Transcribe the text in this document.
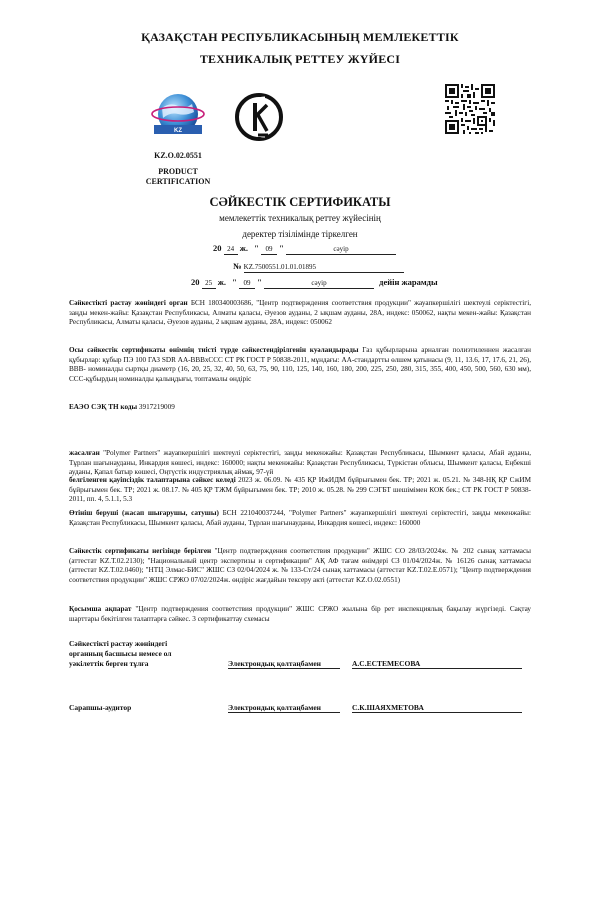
ҚАЗАҚСТАН РЕСПУБЛИКАСЫНЫҢ МЕМЛЕКЕТТІК
ТЕХНИКАЛЫҚ РЕТТЕУ ЖҮЙЕСІ
KZ
KZ.O.02.0551
PRODUCT
CERTIFICATION
СӘЙКЕСТІК СЕРТИФИКАТЫ
мемлекеттік техникалық реттеу жүйесінің
деректер тізілімінде тіркелген
20 24 ж. " 09 "	сәуір
№ KZ.7500551.01.01.01895
20 25 ж. " 09 "	сәуір	дейін жарамды
Сәйкестікті растау жөніндегі орган БСН 180340003686, "Центр подтверждения соответствия продукции" жауапкершілігі шектеулі серіктестігі, заңды мекен-жайы: Қазақстан Республикасы, Алматы қаласы, Әуезов ауданы, 2 ықшам ауданы, 28А, индекс: 050062, нақты мекен-жайы: Қазақстан Республикасы, Алматы қаласы, Әуезов ауданы, 2 ықшам ауданы, 28А, индекс: 050062
Осы сәйкестік сертификаты өнімнің тиісті түрде сәйкестендірілгенін куәландырады Газ құбырларына арналған полиэтиленнен жасалған құбырлар: құбыр ПЭ 100 ГАЗ SDR АА-ВВВхССС СТ РК ГОСТ Р 50838-2011, мұндағы: АА-стандартты өлшем қатынасы (9, 11, 13.6, 17, 17.6, 21, 26), ВВВ- номиналды сыртқы диаметр (16, 20, 25, 32, 40, 50, 63, 75, 90, 110, 125, 140, 160, 180, 200, 225, 250, 280, 315, 355, 400, 450, 500, 560, 630 мм), ССС-құбырдың номиналды қалыңдығы, топтамалы өндіріс
ЕАЭО СЭҚ ТН коды 3917219009
жасалған "Polymer Partners" жауапкершілігі шектеулі серіктестігі, заңды мекенжайы: Қазақстан Республикасы, Шымкент қаласы, Абай ауданы, Тұрлан шағынауданы, Инкардия көшесі, индекс: 160000; нақты мекенжайы: Қазақстан Республикасы, Түркістан облысы, Шымкент қаласы, Еңбекші ауданы, Қапал батыр көшесі, Оңтүстік индустриялық аймақ, 97-үй
белгіленген қауіпсіздік талаптарына сәйкес келеді 2023 ж. 06.09. № 435 ҚР ИжИДМ бұйрығымен бек. ТР; 2021 ж. 05.21. № 348-НҚ ҚР СжИМ бұйрығымен бек. ТР; 2021 ж. 08.17. № 405 ҚР ТЖМ бұйрығымен бек. ТР; 2010 ж. 05.28. № 299 СЭГБТ шешімімен КОК бек.; СТ РК ГОСТ Р 50838-2011, пп. 4, 5.1.1, 5.3
Өтініш беруші (жасап шығарушы, сатушы) БСН 221040037244, "Polymer Partners" жауапкершілігі шектеулі серіктестігі, заңды мекенжайы: Қазақстан Республикасы, Шымкент қаласы, Абай ауданы, Тұрлан шағынауданы, Инкардия көшесі, индекс: 160000
Сәйкестік сертификаты негізінде берілген "Центр подтверждения соответствия продукции" ЖШС СО 28/03/2024ж. № 202 сынақ хаттамасы (аттестат KZ.T.02.2130); "Национальный центр экспертизы и сертификации" АҚ АФ тағам өнімдері СЗ 01/04/2024ж. № 16126 сынақ хаттамасы (аттестат KZ.T.02.0460); "НТЦ Элмас-БИС" ЖШС СЗ 02/04/2024 ж. № 133-Ст/24 сынақ хаттамасы (аттестат KZ.T.02.E.0571); "Центр подтверждения соответствия продукции" ЖШС СРЖО 07/02/2024ж. өндіріс жағдайын тексеру акті (аттестат KZ.O.02.0551)
Қосымша ақпарат "Центр подтверждения соответствия продукции" ЖШС СРЖО жылына бір рет инспекциялық бақылау жүргізеді. Сақтау шарттары бекітілген талаптарға сәйкес. 3 сертификаттау схемасы
Сәйкестікті растау жөніндегі
органның басшысы немесе ол
уәкілеттік берген тұлға	Электрондық қолтаңбамен	А.С.ЕСТЕМЕСОВА
Сарапшы-аудитор	Электрондық қолтаңбамен	С.К.ШАЯХМЕТОВА
